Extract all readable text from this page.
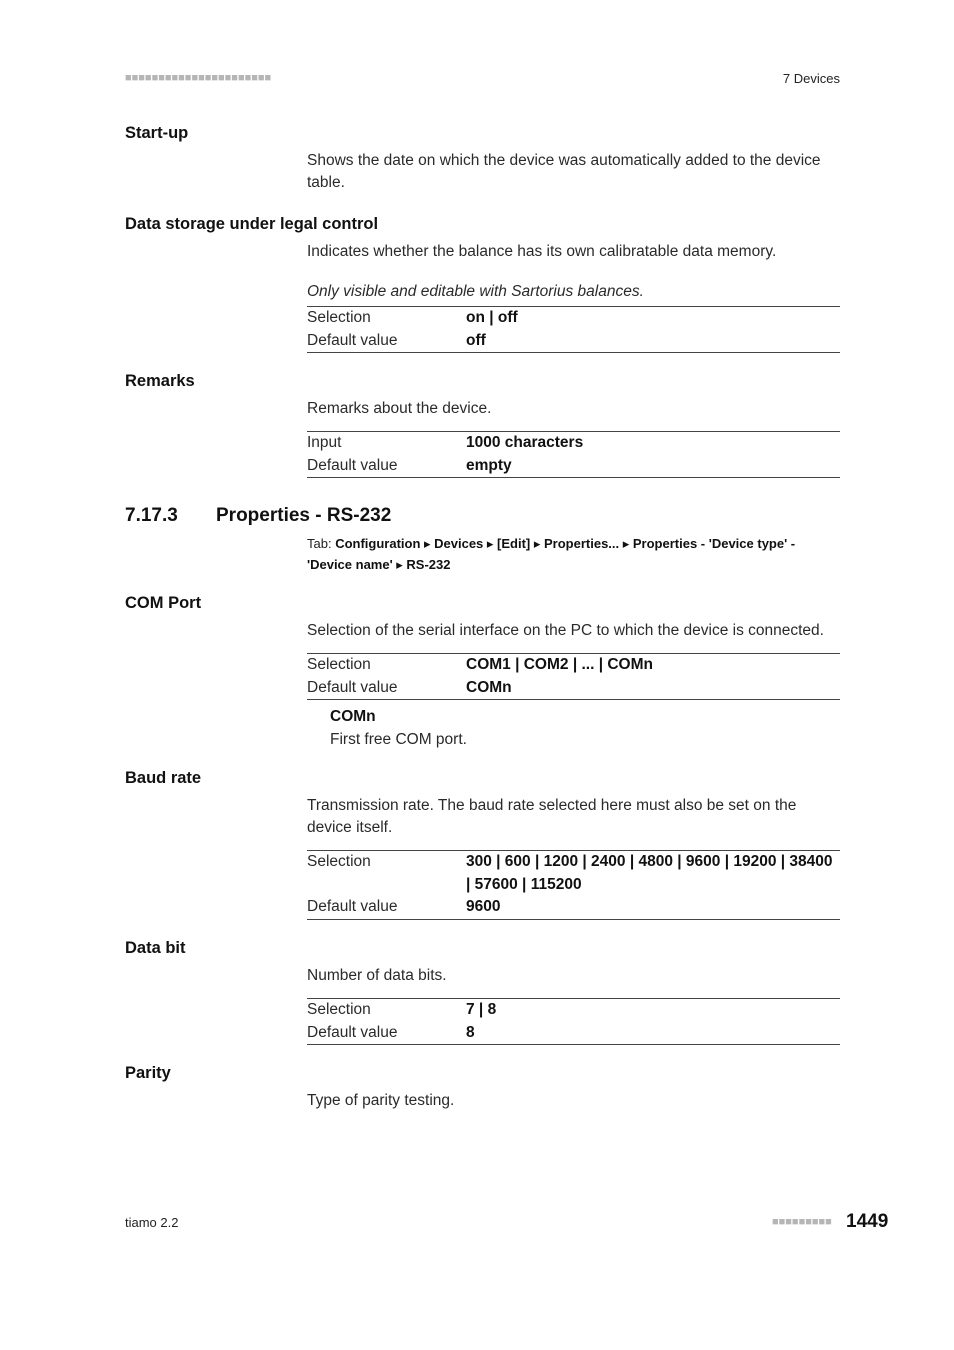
■■■■■■■■■■■■■■■■■■■■■■	7 Devices
Start-up
Shows the date on which the device was automatically added to the device table.
Data storage under legal control
Indicates whether the balance has its own calibratable data memory.
Only visible and editable with Sartorius balances.
Selection	on | off
Default value	off
Remarks
Remarks about the device.
Input	1000 characters
Default value	empty
7.17.3 Properties - RS-232
Tab: Configuration ▸ Devices ▸ [Edit] ▸ Properties... ▸ Properties - 'Device type' - 'Device name' ▸ RS-232
COM Port
Selection of the serial interface on the PC to which the device is connected.
Selection	COM1 | COM2 | ... | COMn
Default value	COMn
COMn
First free COM port.
Baud rate
Transmission rate. The baud rate selected here must also be set on the device itself.
Selection	300 | 600 | 1200 | 2400 | 4800 | 9600 | 19200 | 38400 | 57600 | 115200
Default value	9600
Data bit
Number of data bits.
Selection	7 | 8
Default value	8
Parity
Type of parity testing.
tiamo 2.2	■■■■■■■■■ 1449
